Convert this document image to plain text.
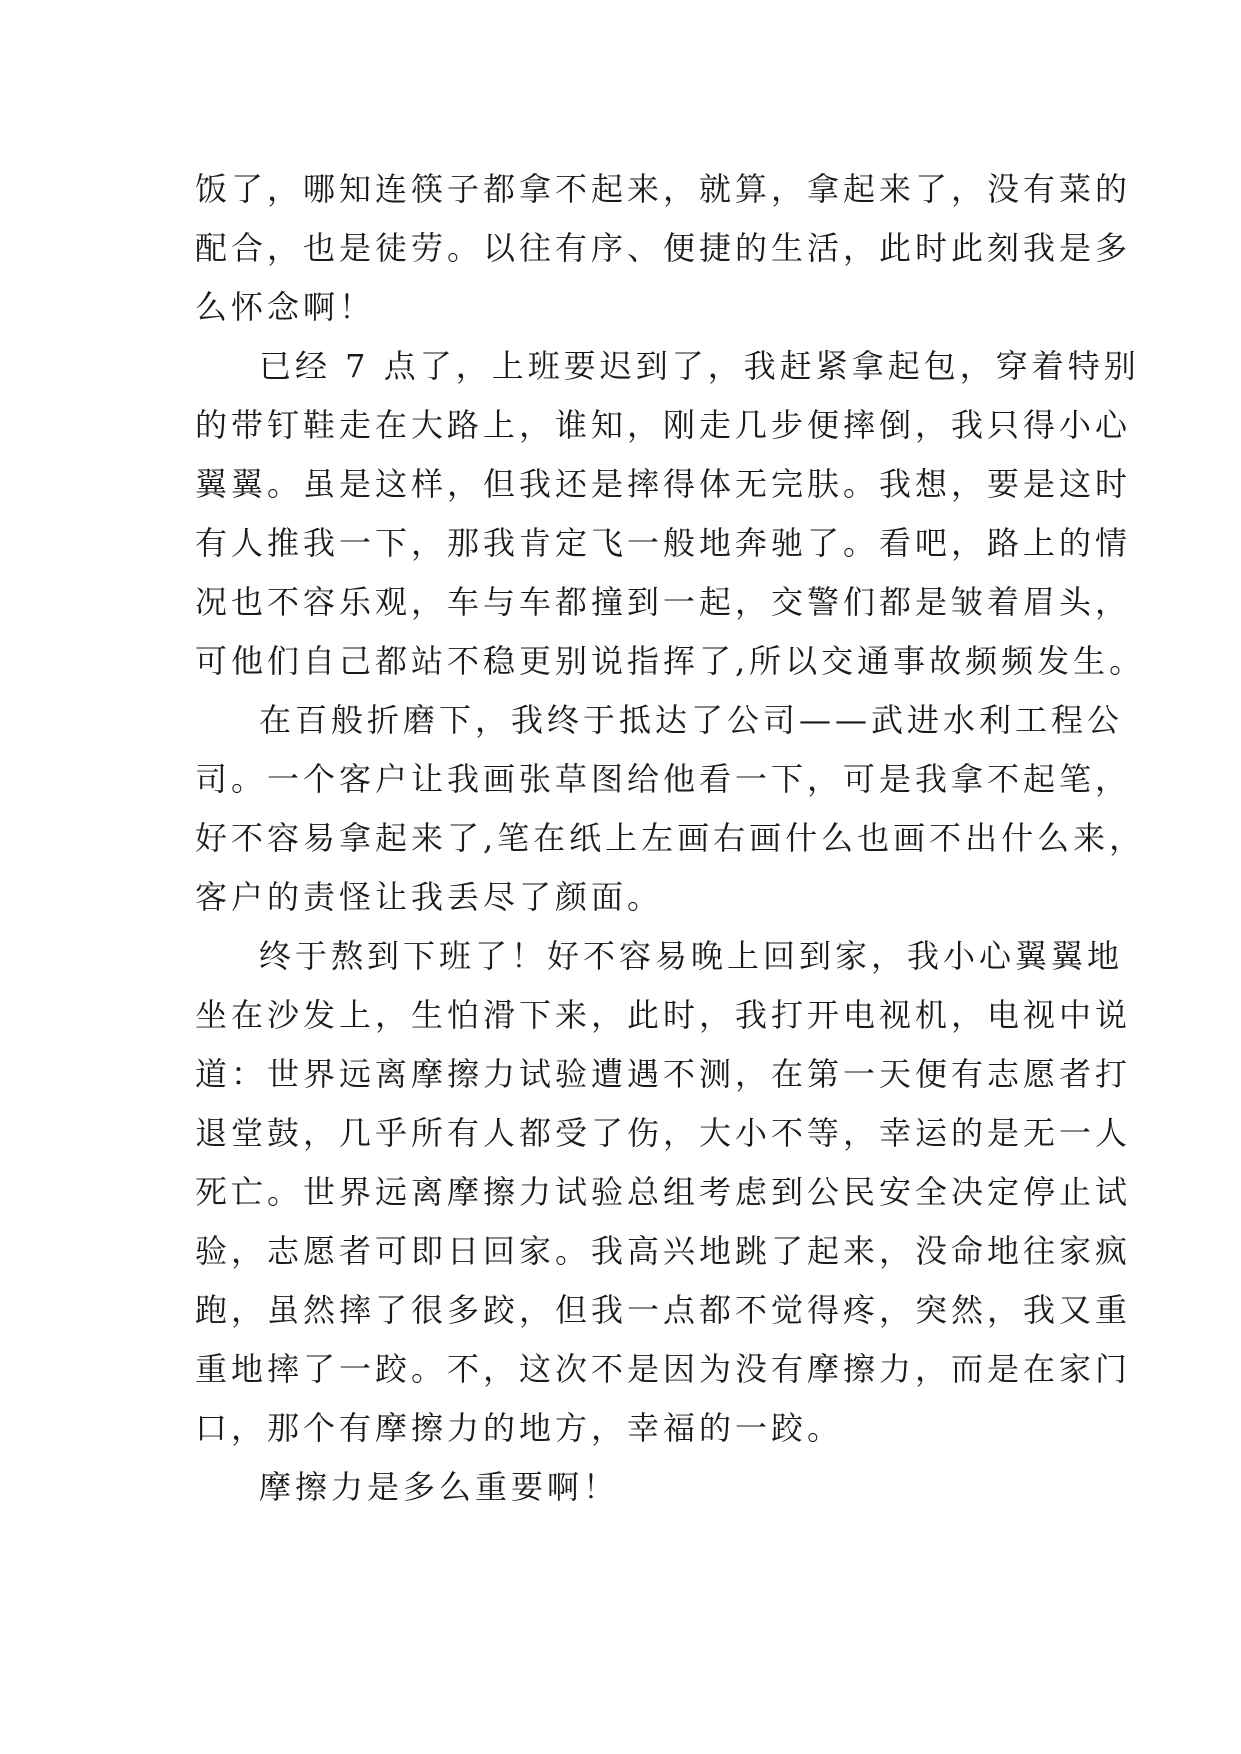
饭了，哪知连筷子都拿不起来，就算，拿起来了，没有菜的
配合，也是徒劳。以往有序、便捷的生活，此时此刻我是多
么怀念啊！
已经 7 点了，上班要迟到了，我赶紧拿起包，穿着特别
的带钉鞋走在大路上，谁知，刚走几步便摔倒，我只得小心
翼翼。虽是这样，但我还是摔得体无完肤。我想，要是这时
有人推我一下，那我肯定飞一般地奔驰了。看吧，路上的情
况也不容乐观，车与车都撞到一起，交警们都是皱着眉头，
可他们自己都站不稳更别说指挥了,所以交通事故频频发生。
在百般折磨下，我终于抵达了公司——武进水利工程公
司。一个客户让我画张草图给他看一下，可是我拿不起笔，
好不容易拿起来了,笔在纸上左画右画什么也画不出什么来，
客户的责怪让我丢尽了颜面。
终于熬到下班了！好不容易晚上回到家，我小心翼翼地
坐在沙发上，生怕滑下来，此时，我打开电视机，电视中说
道：世界远离摩擦力试验遭遇不测，在第一天便有志愿者打
退堂鼓，几乎所有人都受了伤，大小不等，幸运的是无一人
死亡。世界远离摩擦力试验总组考虑到公民安全决定停止试
验，志愿者可即日回家。我高兴地跳了起来，没命地往家疯
跑，虽然摔了很多跤，但我一点都不觉得疼，突然，我又重
重地摔了一跤。不，这次不是因为没有摩擦力，而是在家门
口，那个有摩擦力的地方，幸福的一跤。
摩擦力是多么重要啊！
